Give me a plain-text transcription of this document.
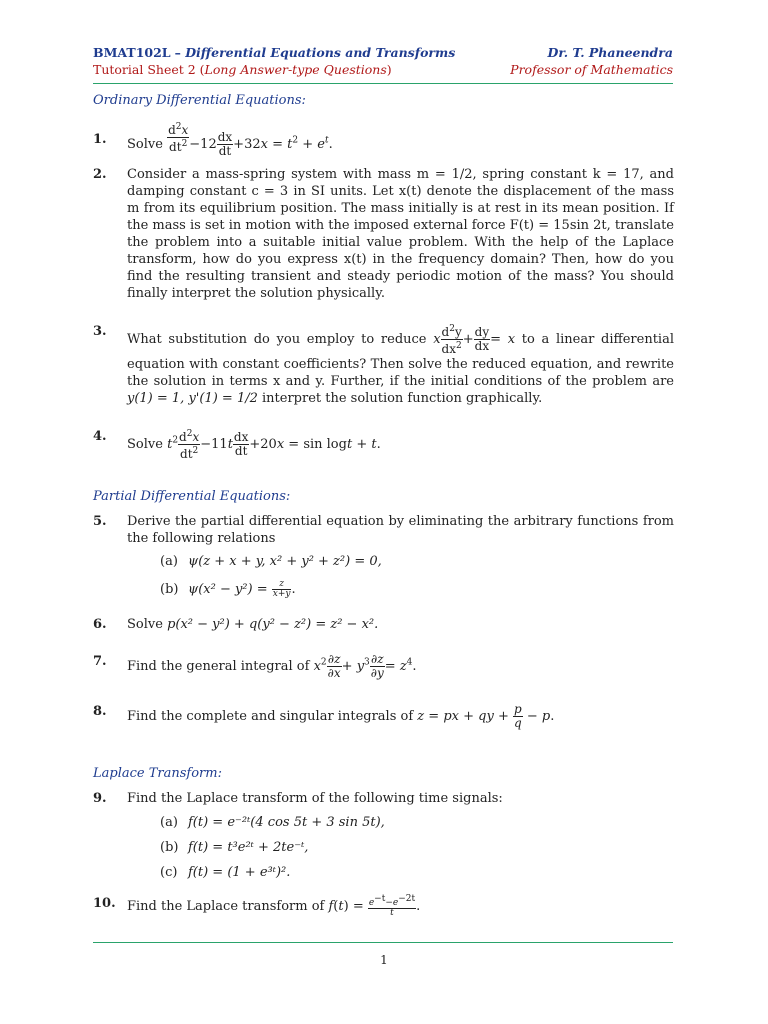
BMAT102L – Differential Equations and Transforms
Tutorial Sheet 2 (Long Answer-type Questions)
Dr. T. Phaneendra
Professor of Mathematics
Ordinary Differential Equations:
1. Solve $\frac{d^2x}{dt^2} -12 \frac{dx}{dt} +32x = t^2 + e^t$.
2. Consider a mass-spring system with mass m = 1/2, spring constant k = 17, and damping constant c = 3 in SI units. Let x(t) denote the displacement of the mass m from its equilibrium position. The mass initially is at rest in its mean position. If the mass is set in motion with the imposed external force F(t) = 15sin 2t, translate the problem into a suitable initial value problem. With the help of the Laplace transform, how do you express x(t) in the frequency domain? Then, how do you find the resulting transient and steady periodic motion of the mass? You should finally interpret the solution physically.
3.
What substitution do you employ to reduce x $\frac{d^2y}{dx^2} + \frac{dy}{dx} = x$ to a linear differential equation with constant coefficients? Then solve the reduced equation, and rewrite the solution in terms x and y. Further, if the initial conditions of the problem are y(1) = 1, y'(1) = 1/2 interpret the solution function graphically.
4.
Solve $t^2 \frac{d^2x}{dt^2} -11t \frac{dx}{dt} +20x = \sin \log t + t$.
Partial Differential Equations:
5. Derive the partial differential equation by eliminating the arbitrary functions from the following relations
(a) ψ(z + x + y, x² + y² + z²) = 0,
(b) $\psi(x^2 - y^2) = \frac{z}{x+y}$ .
6. Solve p(x² − y²) + q(y² − z²) = z² − x².
7. Find the general integral of $x^2 \frac{\partial z}{\partial x} + y^3 \frac{\partial z}{\partial y} = z^4$.
8. Find the complete and singular integrals of z = px + qy + $\frac{p}{q} - p$.
Laplace Transform:
9. Find the Laplace transform of the following time signals:
(a) f(t) = e⁻²ᵗ(4 cos 5t + 3 sin 5t),
(b) f(t) = t³e²ᵗ + 2te⁻ᵗ,
(c) f(t) = (1 + e³ᵗ)².
10. Find the Laplace transform of $f(t) = \frac{e^{-t}-e^{-2t}}{t}$ .
1
